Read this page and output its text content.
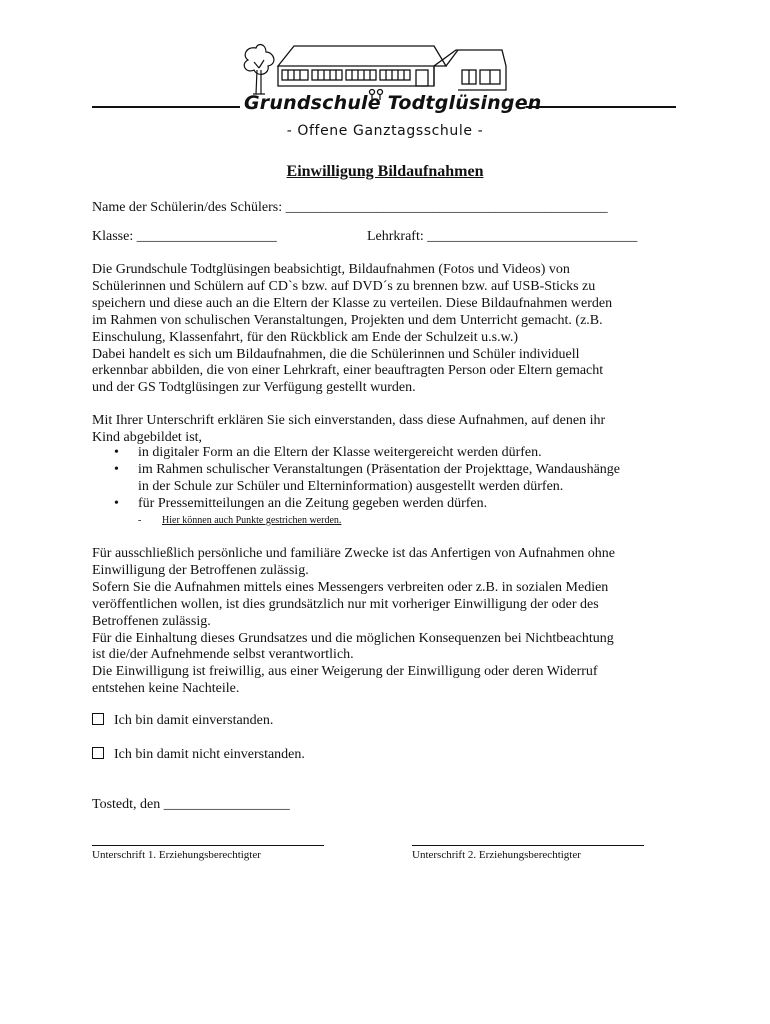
Grundschule Todtglüsingen
- Offene Ganztagsschule -
Einwilligung Bildaufnahmen
Name der Schülerin/des Schülers: ______________________________________________
Klasse: ____________________	Lehrkraft: ______________________________
Die Grundschule Todtglüsingen beabsichtigt, Bildaufnahmen (Fotos und Videos) von
Schülerinnen und Schülern auf CD`s bzw. auf DVD´s zu brennen bzw. auf USB-Sticks zu
speichern und diese auch an die Eltern der Klasse zu verteilen. Diese Bildaufnahmen werden
im Rahmen von schulischen Veranstaltungen, Projekten und dem Unterricht gemacht. (z.B.
Einschulung, Klassenfahrt, für den Rückblick am Ende der Schulzeit u.s.w.)
Dabei handelt es sich um Bildaufnahmen, die die Schülerinnen und Schüler individuell
erkennbar abbilden, die von einer Lehrkraft, einer beauftragten Person oder Eltern gemacht
und der GS Todtglüsingen zur Verfügung gestellt wurden.
Mit Ihrer Unterschrift erklären Sie sich einverstanden, dass diese Aufnahmen, auf denen ihr
Kind abgebildet ist,
• in digitaler Form an die Eltern der Klasse weitergereicht werden dürfen.
• im Rahmen schulischer Veranstaltungen (Präsentation der Projekttage, Wandaushänge
in der Schule zur Schüler und Elterninformation) ausgestellt werden dürfen.
• für Pressemitteilungen an die Zeitung gegeben werden dürfen.
- Hier können auch Punkte gestrichen werden.
Für ausschließlich persönliche und familiäre Zwecke ist das Anfertigen von Aufnahmen ohne
Einwilligung der Betroffenen zulässig.
Sofern Sie die Aufnahmen mittels eines Messengers verbreiten oder z.B. in sozialen Medien
veröffentlichen wollen, ist dies grundsätzlich nur mit vorheriger Einwilligung der oder des
Betroffenen zulässig.
Für die Einhaltung dieses Grundsatzes und die möglichen Konsequenzen bei Nichtbeachtung
ist die/der Aufnehmende selbst verantwortlich.
Die Einwilligung ist freiwillig, aus einer Weigerung der Einwilligung oder deren Widerruf
entstehen keine Nachteile.
Ich bin damit einverstanden.
Ich bin damit nicht einverstanden.
Tostedt, den __________________
Unterschrift 1. Erziehungsberechtigter	Unterschrift 2. Erziehungsberechtigter
